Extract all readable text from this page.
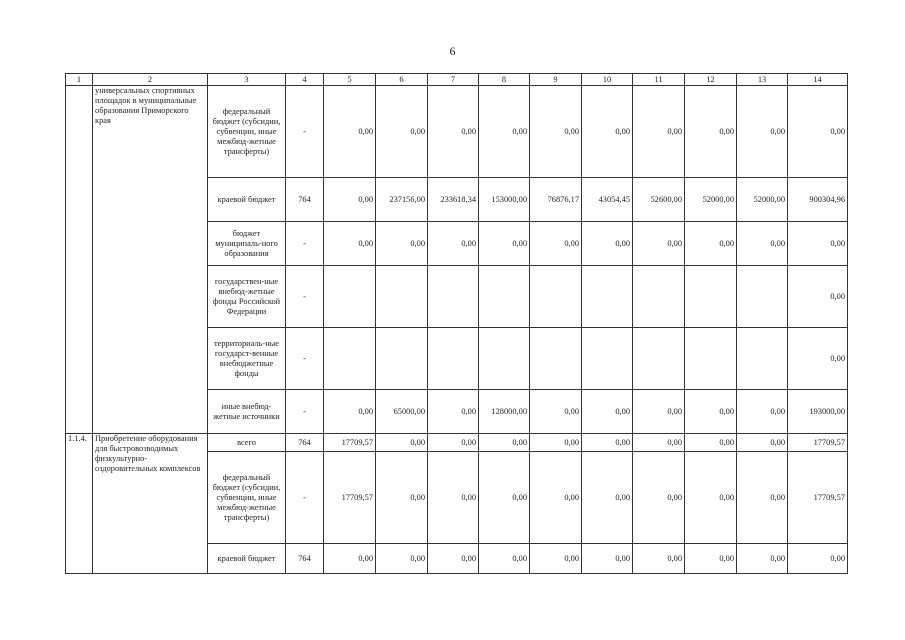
6
1	2	3	4	5	6	7	8	9	10	11	12	13	14
	универсальных спортивных площадок в муниципальные образования Приморского края	федеральный бюджет (субсидии, субвенции, иные межбюд-жетные трансферты)	-	0,00	0,00	0,00	0,00	0,00	0,00	0,00	0,00	0,00	0,00
		краевой бюджет	764	0,00	237156,00	233618,34	153000,00	76876,17	43054,45	52600,00	52000,00	52000,00	900304,96
		бюджет муниципаль-ного образования	-	0,00	0,00	0,00	0,00	0,00	0,00	0,00	0,00	0,00	0,00
		государствен-ные внебюд-жетные фонды Российской Федерации	-										0,00
		территориаль-ные государст-венные внебюджетные фонды	-										0,00
		иные внебюд-жетные источники	-	0,00	65000,00	0,00	128000,00	0,00	0,00	0,00	0,00	0,00	193000,00
1.1.4.	Приобретение оборудования для быстровозводимых физкультурно-оздоровительных комплексов	всего	764	17709,57	0,00	0,00	0,00	0,00	0,00	0,00	0,00	0,00	17709,57
		федеральный бюджет (субсидии, субвенции, иные межбюд-жетные трансферты)	-	17709,57	0,00	0,00	0,00	0,00	0,00	0,00	0,00	0,00	17709,57
		краевой бюджет	764	0,00	0,00	0,00	0,00	0,00	0,00	0,00	0,00	0,00	0,00
